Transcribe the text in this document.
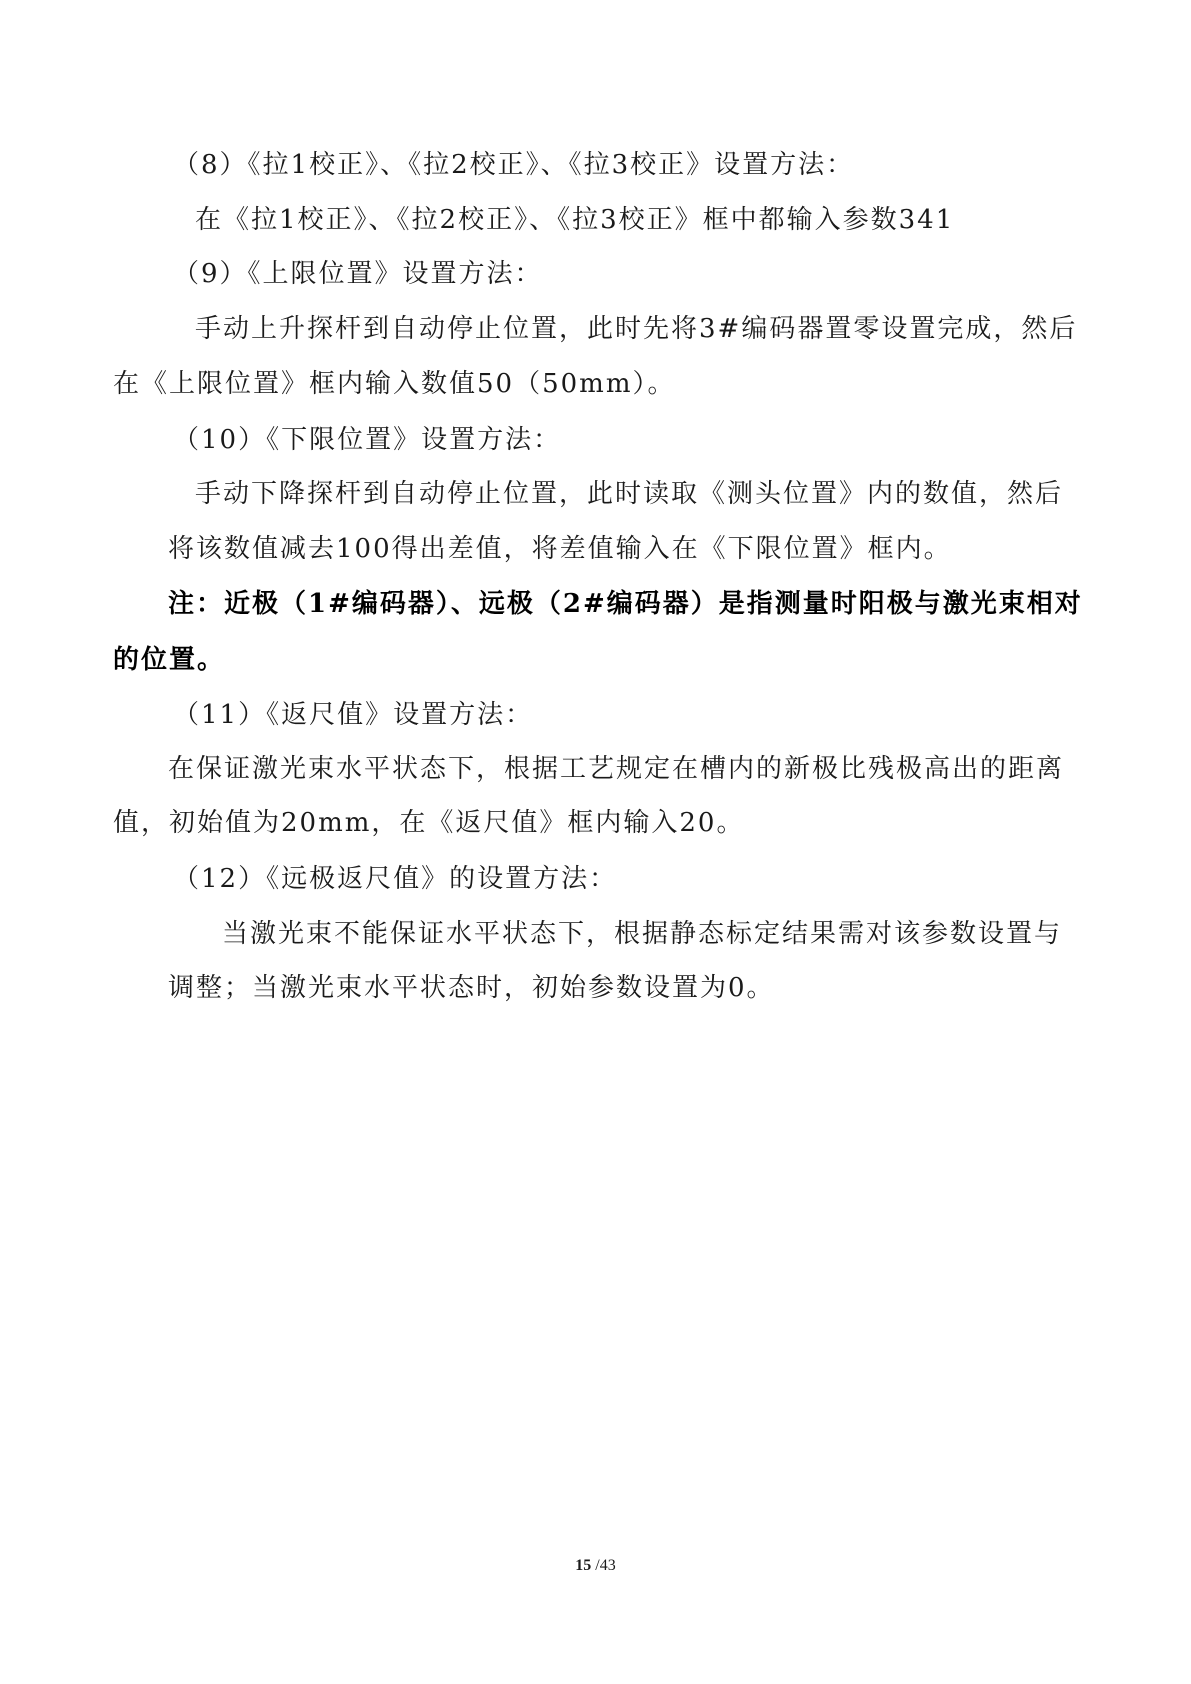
（8）《拉1校正》、《拉2校正》、《拉3校正》设置方法：
在《拉1校正》、《拉2校正》、《拉3校正》框中都输入参数341
（9）《上限位置》设置方法：
手动上升探杆到自动停止位置，此时先将3#编码器置零设置完成，然后
在《上限位置》框内输入数值50（50mm）。
（10）《下限位置》设置方法：
手动下降探杆到自动停止位置，此时读取《测头位置》内的数值，然后
将该数值减去100得出差值，将差值输入在《下限位置》框内。
注：近极（1#编码器）、远极（2#编码器）是指测量时阳极与激光束相对
的位置。
（11）《返尺值》设置方法：
在保证激光束水平状态下，根据工艺规定在槽内的新极比残极高出的距离
值，初始值为20mm，在《返尺值》框内输入20。
（12）《远极返尺值》的设置方法：
当激光束不能保证水平状态下，根据静态标定结果需对该参数设置与
调整；当激光束水平状态时，初始参数设置为0。
15 /43
